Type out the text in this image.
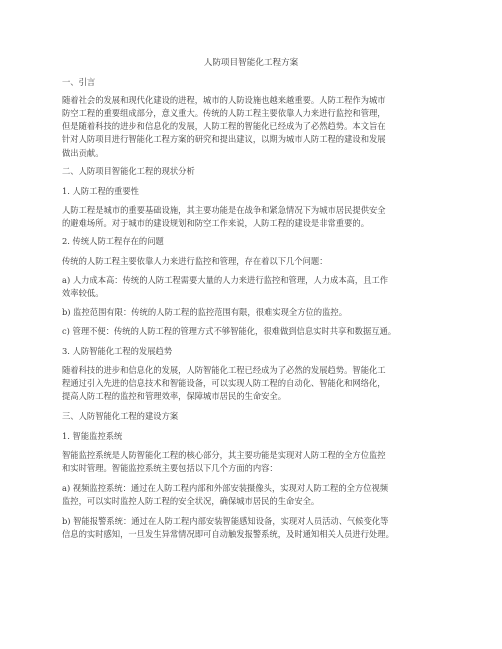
人防项目智能化工程方案
一、引言
随着社会的发展和现代化建设的进程，城市的人防设施也越来越重要。人防工程作为城市
防空工程的重要组成部分，意义重大。传统的人防工程主要依靠人力来进行监控和管理，
但是随着科技的进步和信息化的发展，人防工程的智能化已经成为了必然趋势。本文旨在
针对人防项目进行智能化工程方案的研究和提出建议，以期为城市人防工程的建设和发展
做出贡献。
二、人防项目智能化工程的现状分析
1. 人防工程的重要性
人防工程是城市的重要基础设施，其主要功能是在战争和紧急情况下为城市居民提供安全
的避难场所。对于城市的建设规划和防空工作来说，人防工程的建设是非常重要的。
2. 传统人防工程存在的问题
传统的人防工程主要依靠人力来进行监控和管理，存在着以下几个问题：
a) 人力成本高：传统的人防工程需要大量的人力来进行监控和管理，人力成本高，且工作
效率较低。
b) 监控范围有限：传统的人防工程的监控范围有限，很难实现全方位的监控。
c) 管理不便：传统的人防工程的管理方式不够智能化，很难做到信息实时共享和数据互通。
3. 人防智能化工程的发展趋势
随着科技的进步和信息化的发展，人防智能化工程已经成为了必然的发展趋势。智能化工
程通过引入先进的信息技术和智能设备，可以实现人防工程的自动化、智能化和网络化，
提高人防工程的监控和管理效率，保障城市居民的生命安全。
三、人防智能化工程的建设方案
1. 智能监控系统
智能监控系统是人防智能化工程的核心部分，其主要功能是实现对人防工程的全方位监控
和实时管理。智能监控系统主要包括以下几个方面的内容：
a) 视频监控系统：通过在人防工程内部和外部安装摄像头，实现对人防工程的全方位视频
监控，可以实时监控人防工程的安全状况，确保城市居民的生命安全。
b) 智能报警系统：通过在人防工程内部安装智能感知设备，实现对人员活动、气候变化等
信息的实时感知，一旦发生异常情况即可自动触发报警系统，及时通知相关人员进行处理。
